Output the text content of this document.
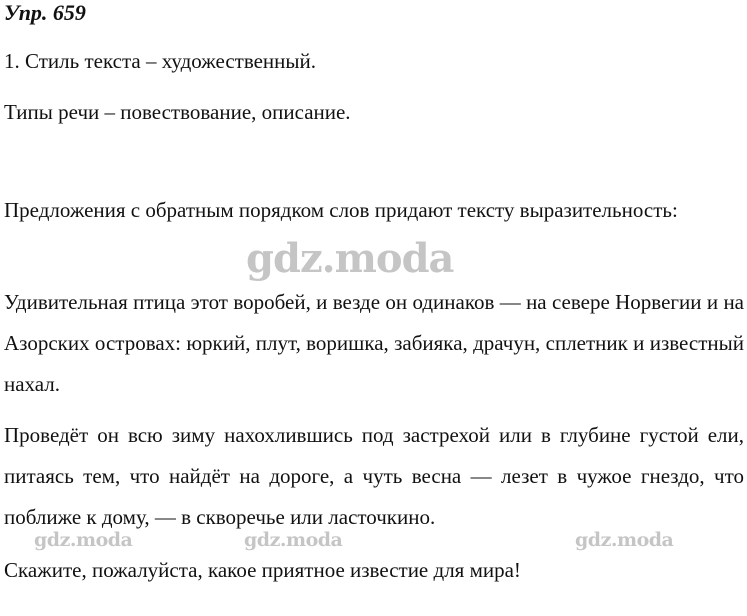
Упр. 659

1. Стиль текста – художественный.

Типы речи – повествование, описание.

Предложения с обратным порядком слов придают тексту выразительность:

Удивительная птица этот воробей, и везде он одинаков — на севере Норвегии и на Азорских островах: юркий, плут, воришка, забияка, драчун, сплетник и известный нахал.

Проведёт он всю зиму нахохлившись под застрехой или в глубине густой ели, питаясь тем, что найдёт на дороге, а чуть весна — лезет в чужое гнездо, что поближе к дому, — в скворечье или ласточкино.

Скажите, пожалуйста, какое приятное известие для мира!

gdz.moda
gdz.moda	gdz.moda	gdz.moda
